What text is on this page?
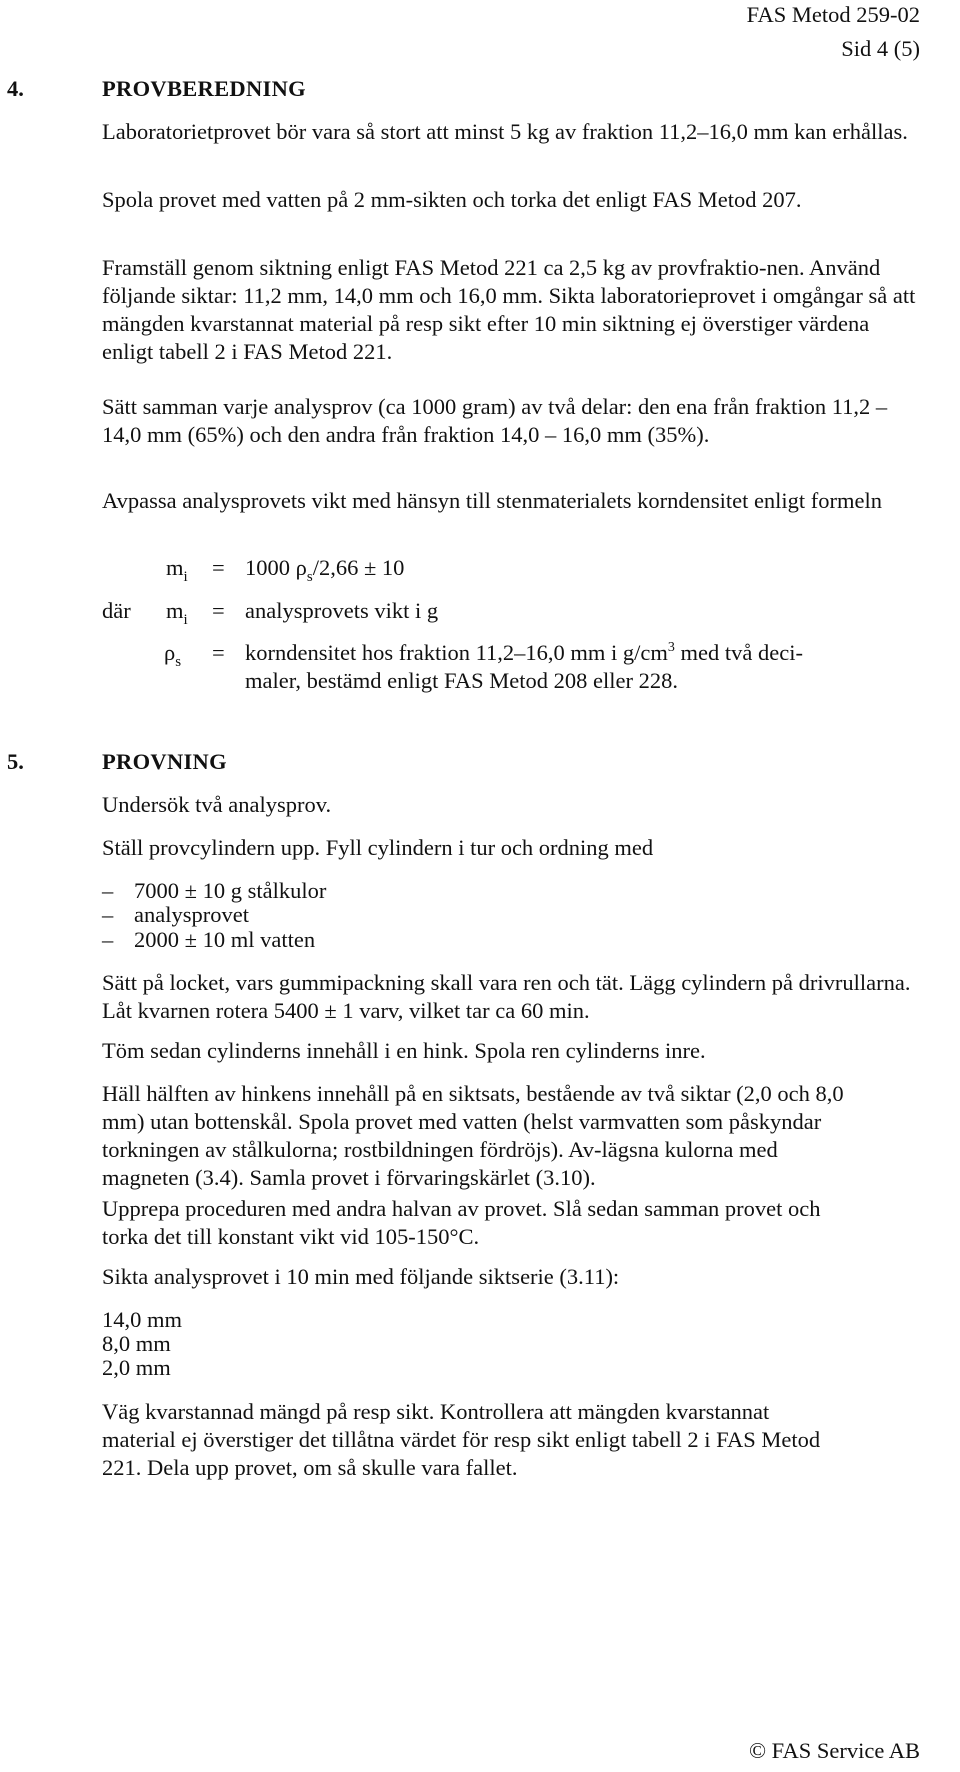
FAS Metod 259-02
Sid 4 (5)
4.	PROVBEREDNING
Laboratorietprovet bör vara så stort att minst 5 kg av fraktion 11,2–16,0 mm kan erhållas.
Spola provet med vatten på 2 mm-sikten och torka det enligt FAS Metod 207.
Framställ genom siktning enligt FAS Metod 221 ca 2,5 kg av provfraktio-nen. Använd följande siktar: 11,2 mm, 14,0 mm och 16,0 mm. Sikta laboratorieprovet i omgångar så att mängden kvarstannat material på resp sikt efter 10 min siktning ej överstiger värdena enligt tabell 2 i FAS Metod 221.
Sätt samman varje analysprov (ca 1000 gram) av två delar: den ena från fraktion 11,2 – 14,0 mm (65%) och den andra från fraktion 14,0 – 16,0 mm (35%).
Avpassa analysprovets vikt med hänsyn till stenmaterialets korndensitet enligt formeln
$m_i = 1000$ $\rho_s/2,66 \pm 10$
där $m_i$ = analysprovets vikt i g
$\rho_s$ = korndensitet hos fraktion 11,2–16,0 mm i $g/cm^3$ med två deci-
maler, bestämd enligt FAS Metod 208 eller 228.
5.	PROVNING
Undersök två analysprov.
Ställ provcylindern upp. Fyll cylindern i tur och ordning med
– 7000 ± 10 g stålkulor
– analysprovet
– 2000 ± 10 ml vatten
Sätt på locket, vars gummipackning skall vara ren och tät. Lägg cylindern på drivrullarna. Låt kvarnen rotera 5400 ± 1 varv, vilket tar ca 60 min.
Töm sedan cylinderns innehåll i en hink. Spola ren cylinderns inre.
Häll hälften av hinkens innehåll på en siktsats, bestående av två siktar (2,0 och 8,0 mm) utan bottenskål. Spola provet med vatten (helst varmvatten som påskyndar torkningen av stålkulorna; rostbildningen fördröjs). Av-lägsna kulorna med magneten (3.4). Samla provet i förvaringskärlet (3.10).
Upprepa proceduren med andra halvan av provet. Slå sedan samman provet och torka det till konstant vikt vid 105-150°C.
Sikta analysprovet i 10 min med följande siktserie (3.11):
14,0 mm
8,0 mm
2,0 mm
Väg kvarstannad mängd på resp sikt. Kontrollera att mängden kvarstannat material ej överstiger det tillåtna värdet för resp sikt enligt tabell 2 i FAS Metod 221. Dela upp provet, om så skulle vara fallet.
© FAS Service AB
